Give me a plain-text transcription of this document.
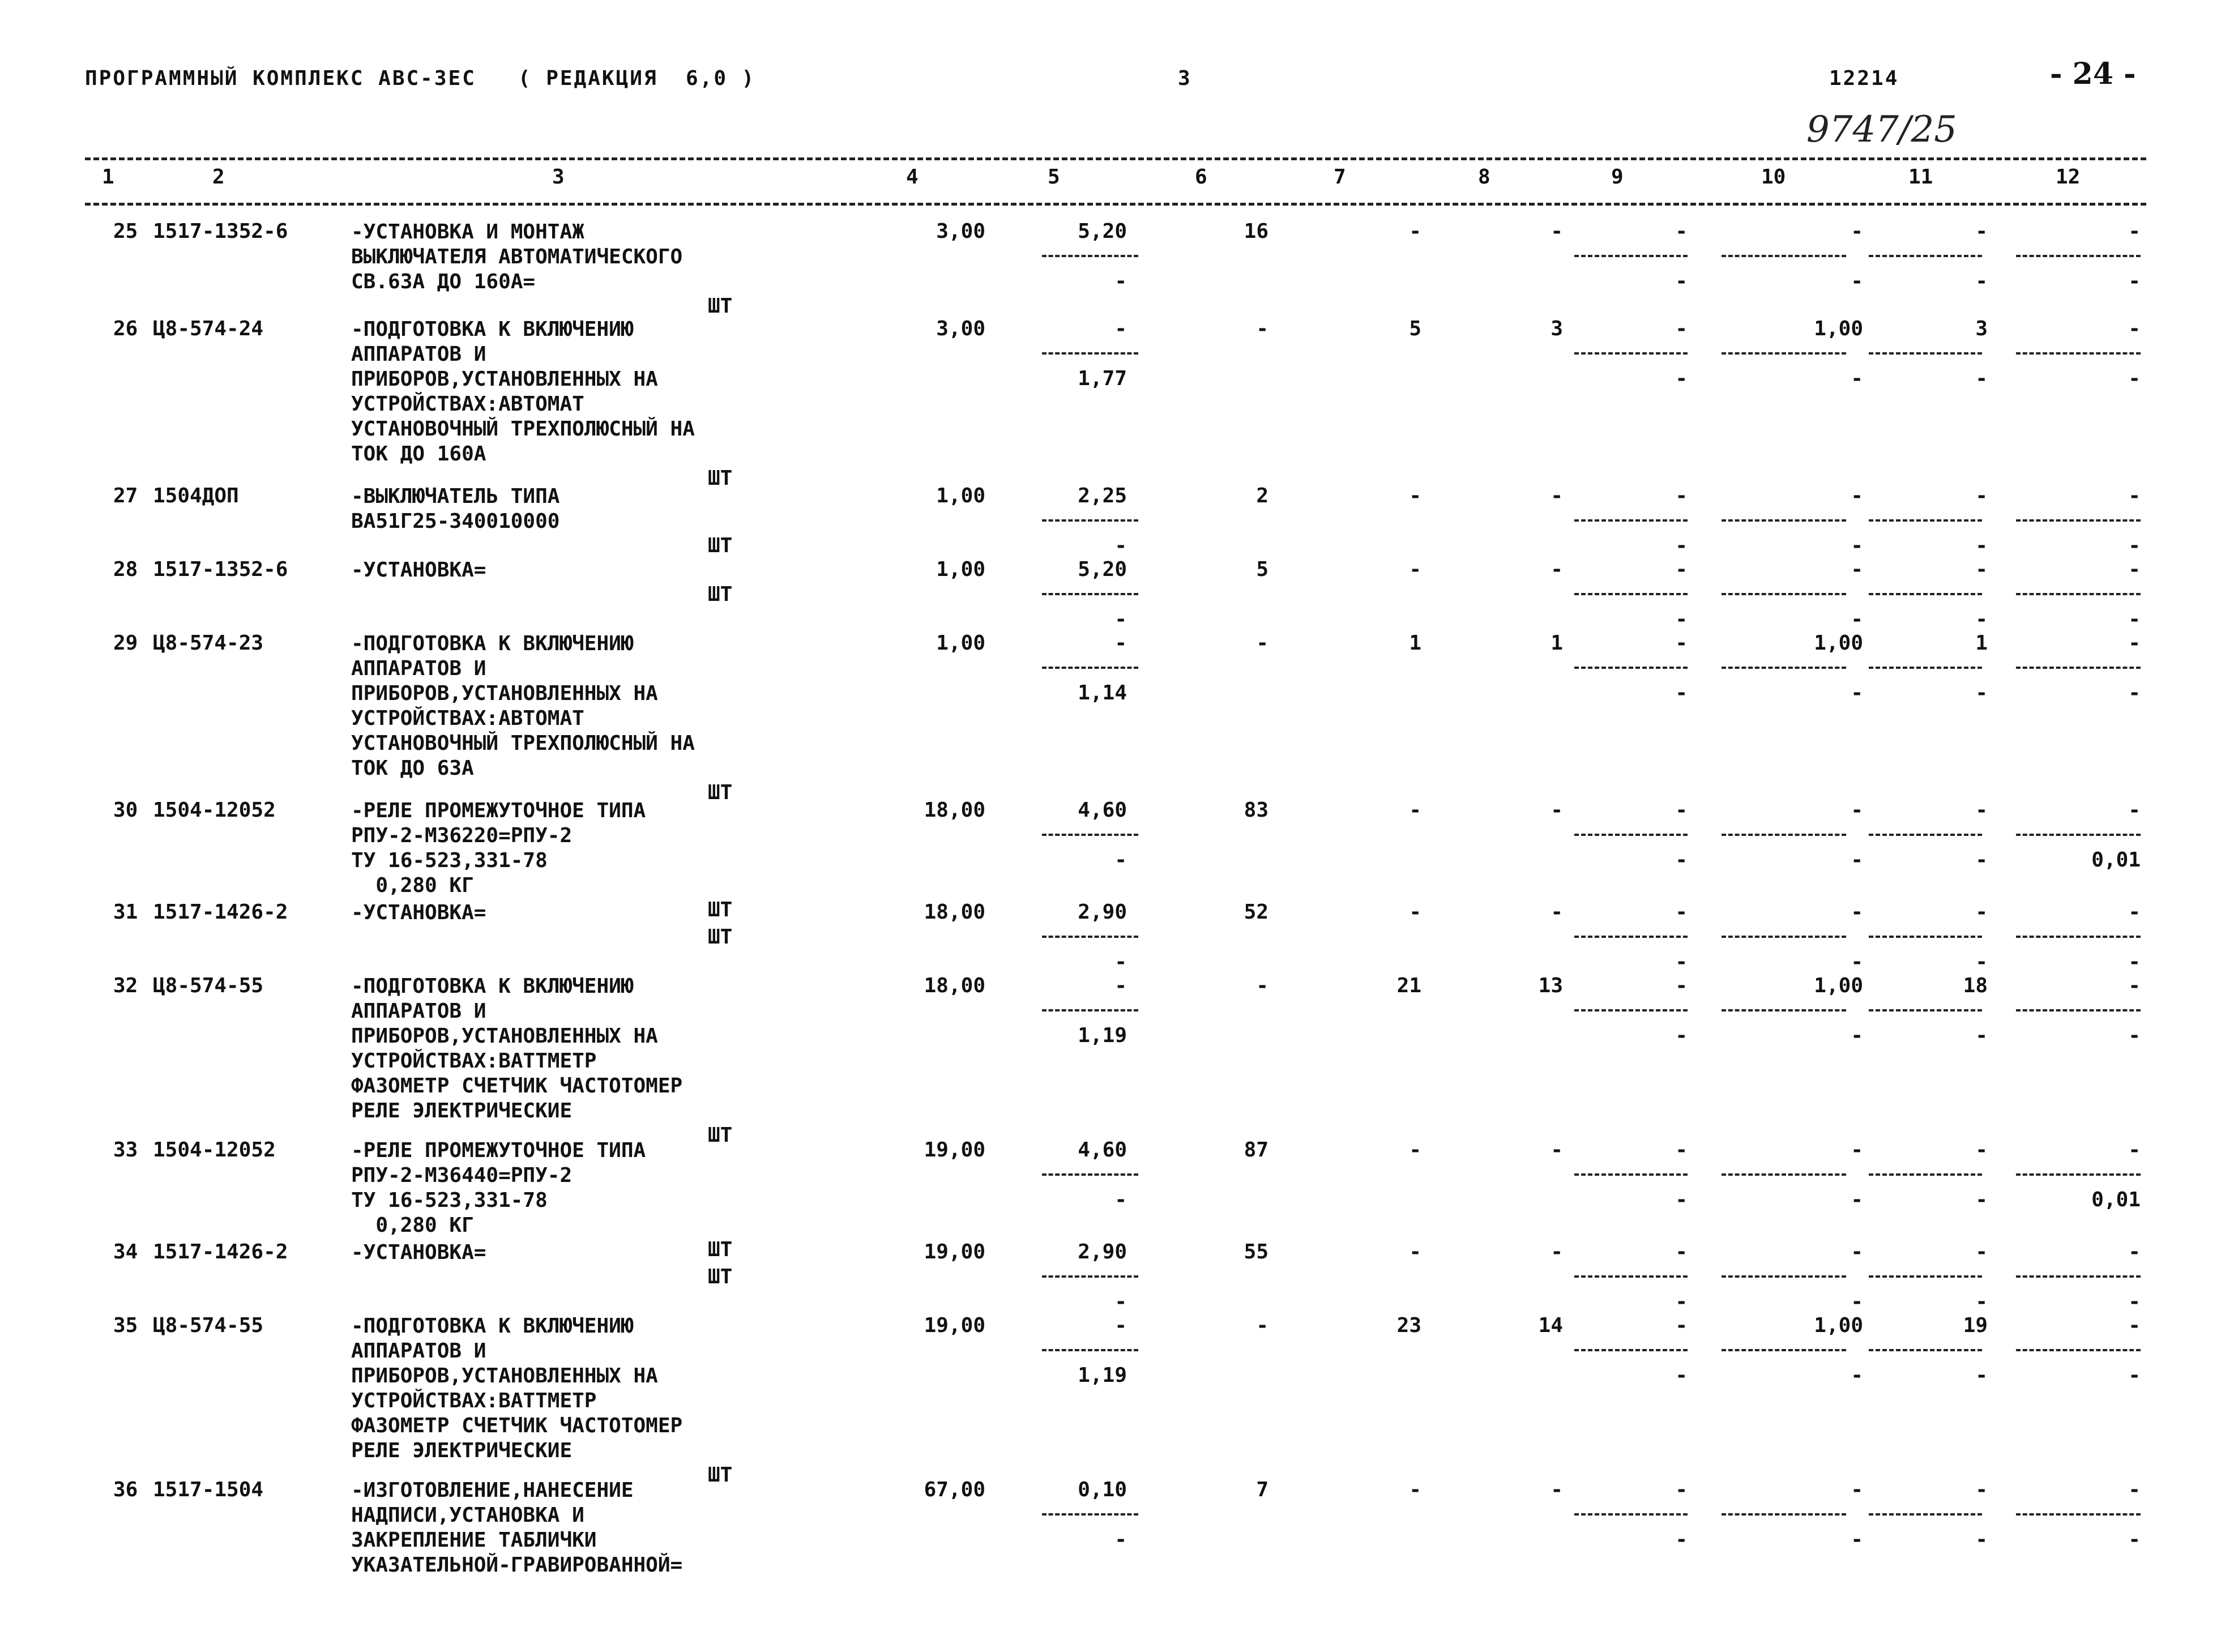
ПРОГРАММНЫЙ КОМПЛЕКС АВС-ЗЕС   ( РЕДАКЦИЯ  6,0 )	3	12214	- 24 -
9747/25
1	2	3	4	5	6	7	8	9	10	11	12
25 1517-1352-6	-УСТАНОВКА И МОНТАЖ
ВЫКЛЮЧАТЕЛЯ АВТОМАТИЧЕСКОГО
СВ.63А ДО 160А=
ШТ
3,00	5,20	16	-	-	-	-	-	-
-	-	-	-	-
26 Ц8-574-24	-ПОДГОТОВКА К ВКЛЮЧЕНИЮ
АППАРАТОВ И
ПРИБОРОВ,УСТАНОВЛЕННЫХ НА
УСТРОЙСТВАХ:АВТОМАТ
УСТАНОВОЧНЫЙ ТРЕХПОЛЮСНЫЙ НА
ТОК ДО 160А
ШТ
3,00	-	-	5	3	-	1,00	3	-
1,77	-	-	-	-
27 1504ДОП	-ВЫКЛЮЧАТЕЛЬ ТИПА
ВА51Г25-340010000
ШТ
1,00	2,25	2	-	-	-	-	-	-
-	-	-	-	-
28 1517-1352-6	-УСТАНОВКА=
ШТ
1,00	5,20	5	-	-	-	-	-	-
-	-	-	-	-
29 Ц8-574-23	-ПОДГОТОВКА К ВКЛЮЧЕНИЮ
АППАРАТОВ И
ПРИБОРОВ,УСТАНОВЛЕННЫХ НА
УСТРОЙСТВАХ:АВТОМАТ
УСТАНОВОЧНЫЙ ТРЕХПОЛЮСНЫЙ НА
ТОК ДО 63А
ШТ
1,00	-	-	1	1	-	1,00	1	-
1,14	-	-	-	-
30 1504-12052	-РЕЛЕ ПРОМЕЖУТОЧНОЕ ТИПА
РПУ-2-М36220=РПУ-2
ТУ 16-523,331-78
0,280 КГ
ШТ
18,00	4,60	83	-	-	-	-	-	-
-	-	-	-	0,01
31 1517-1426-2	-УСТАНОВКА=
ШТ
18,00	2,90	52	-	-	-	-	-	-
-	-	-	-	-
32 Ц8-574-55	-ПОДГОТОВКА К ВКЛЮЧЕНИЮ
АППАРАТОВ И
ПРИБОРОВ,УСТАНОВЛЕННЫХ НА
УСТРОЙСТВАХ:ВАТТМЕТР
ФАЗОМЕТР СЧЕТЧИК ЧАСТОТОМЕР
РЕЛЕ ЭЛЕКТРИЧЕСКИЕ
ШТ
18,00	-	-	21	13	-	1,00	18	-
1,19	-	-	-	-
33 1504-12052	-РЕЛЕ ПРОМЕЖУТОЧНОЕ ТИПА
РПУ-2-М36440=РПУ-2
ТУ 16-523,331-78
0,280 КГ
ШТ
19,00	4,60	87	-	-	-	-	-	-
-	-	-	-	0,01
34 1517-1426-2	-УСТАНОВКА=
ШТ
19,00	2,90	55	-	-	-	-	-	-
-	-	-	-	-
35 Ц8-574-55	-ПОДГОТОВКА К ВКЛЮЧЕНИЮ
АППАРАТОВ И
ПРИБОРОВ,УСТАНОВЛЕННЫХ НА
УСТРОЙСТВАХ:ВАТТМЕТР
ФАЗОМЕТР СЧЕТЧИК ЧАСТОТОМЕР
РЕЛЕ ЭЛЕКТРИЧЕСКИЕ
ШТ
19,00	-	-	23	14	-	1,00	19	-
1,19	-	-	-	-
36 1517-1504	-ИЗГОТОВЛЕНИЕ,НАНЕСЕНИЕ
НАДПИСИ,УСТАНОВКА И
ЗАКРЕПЛЕНИЕ ТАБЛИЧКИ
УКАЗАТЕЛЬНОЙ-ГРАВИРОВАННОЙ=
67,00	0,10	7	-	-	-	-	-	-
-	-	-	-	-
